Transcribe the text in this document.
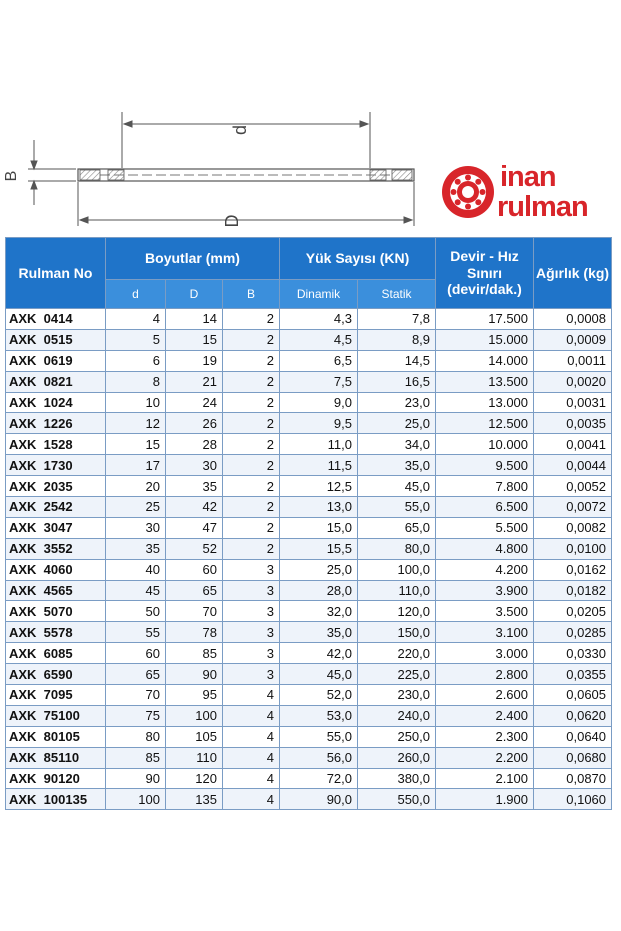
d
D
B	inan
rulman
Rulman No	Boyutlar (mm)			Yük Sayısı (KN)		Devir - Hız Sınırı (devir/dak.)	Ağırlık (kg)
	d	D	B	Dinamik	Statik		
AXK  0414	4	14	2	4,3	7,8	17.500	0,0008
AXK  0515	5	15	2	4,5	8,9	15.000	0,0009
AXK  0619	6	19	2	6,5	14,5	14.000	0,0011
AXK  0821	8	21	2	7,5	16,5	13.500	0,0020
AXK  1024	10	24	2	9,0	23,0	13.000	0,0031
AXK  1226	12	26	2	9,5	25,0	12.500	0,0035
AXK  1528	15	28	2	11,0	34,0	10.000	0,0041
AXK  1730	17	30	2	11,5	35,0	9.500	0,0044
AXK  2035	20	35	2	12,5	45,0	7.800	0,0052
AXK  2542	25	42	2	13,0	55,0	6.500	0,0072
AXK  3047	30	47	2	15,0	65,0	5.500	0,0082
AXK  3552	35	52	2	15,5	80,0	4.800	0,0100
AXK  4060	40	60	3	25,0	100,0	4.200	0,0162
AXK  4565	45	65	3	28,0	110,0	3.900	0,0182
AXK  5070	50	70	3	32,0	120,0	3.500	0,0205
AXK  5578	55	78	3	35,0	150,0	3.100	0,0285
AXK  6085	60	85	3	42,0	220,0	3.000	0,0330
AXK  6590	65	90	3	45,0	225,0	2.800	0,0355
AXK  7095	70	95	4	52,0	230,0	2.600	0,0605
AXK  75100	75	100	4	53,0	240,0	2.400	0,0620
AXK  80105	80	105	4	55,0	250,0	2.300	0,0640
AXK  85110	85	110	4	56,0	260,0	2.200	0,0680
AXK  90120	90	120	4	72,0	380,0	2.100	0,0870
AXK  100135	100	135	4	90,0	550,0	1.900	0,1060
